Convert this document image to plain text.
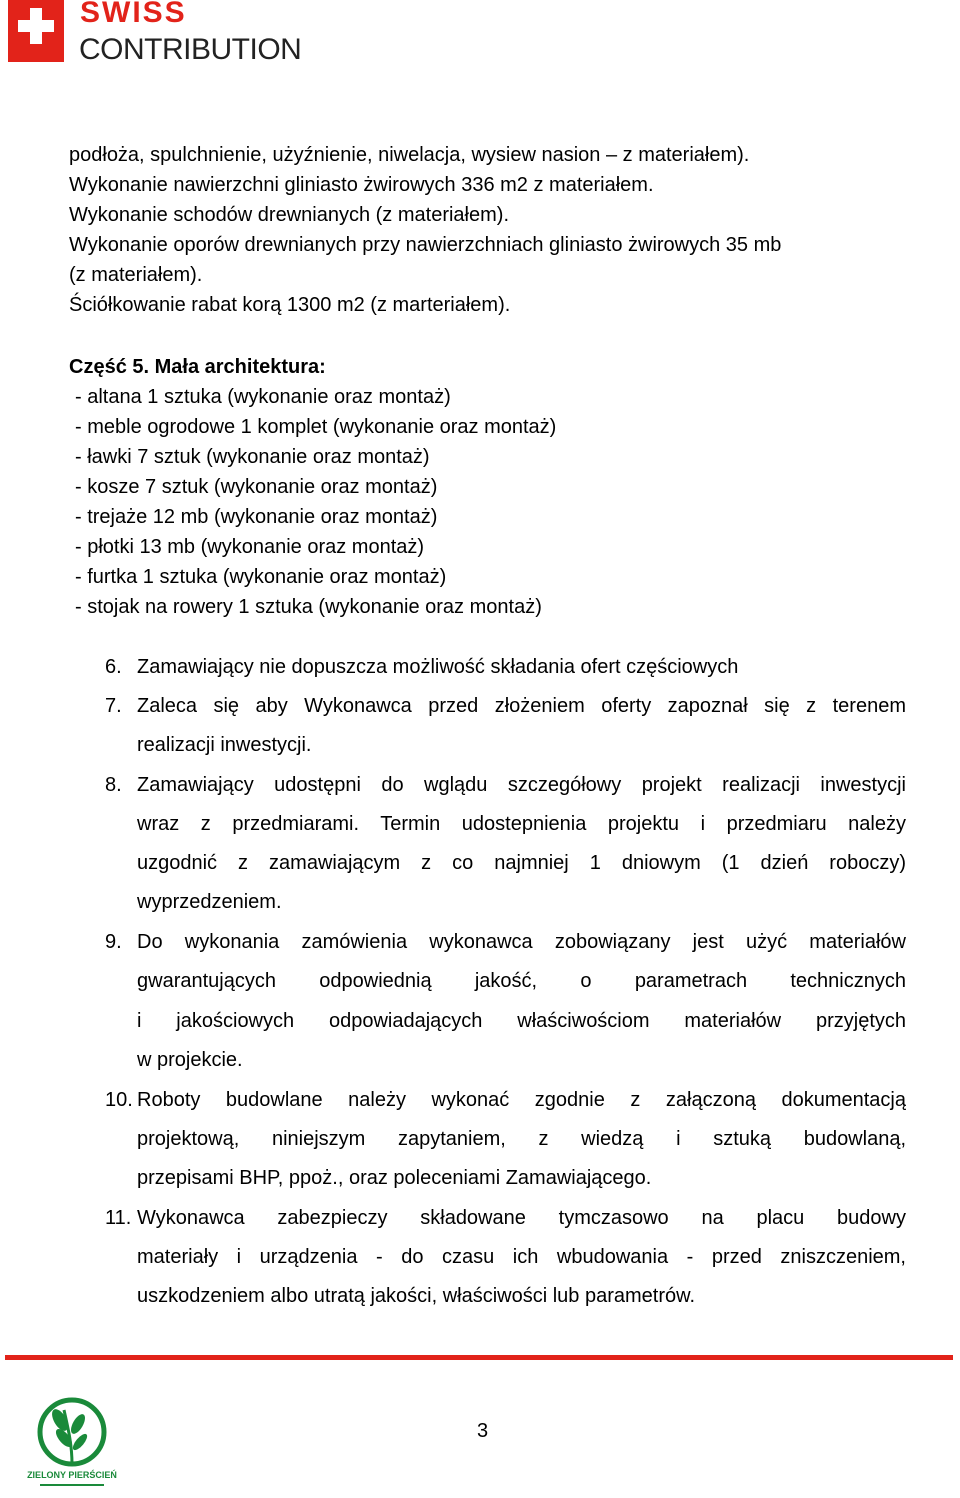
SWISS
CONTRIBUTION
podłoża, spulchnienie, użyźnienie, niwelacja, wysiew nasion – z materiałem).
Wykonanie nawierzchni gliniasto żwirowych 336 m2 z materiałem.
Wykonanie schodów drewnianych (z materiałem).
Wykonanie oporów drewnianych przy nawierzchniach gliniasto żwirowych 35 mb
(z materiałem).
Ściółkowanie rabat korą 1300 m2 (z marteriałem).
Część 5. Mała architektura:
- altana 1 sztuka (wykonanie oraz montaż)
- meble ogrodowe 1 komplet (wykonanie oraz montaż)
- ławki 7 sztuk (wykonanie oraz montaż)
- kosze 7 sztuk (wykonanie oraz montaż)
- trejaże 12 mb (wykonanie oraz montaż)
- płotki 13 mb (wykonanie oraz montaż)
- furtka 1 sztuka (wykonanie oraz montaż)
- stojak na rowery 1 sztuka (wykonanie oraz montaż)
6. Zamawiający nie dopuszcza możliwość składania ofert częściowych
7. Zaleca się aby Wykonawca przed złożeniem oferty zapoznał się z terenem
realizacji inwestycji.
8. Zamawiający udostępni do wglądu szczegółowy projekt realizacji inwestycji
wraz z przedmiarami. Termin udostepnienia projektu i przedmiaru należy
uzgodnić z zamawiającym z co najmniej 1 dniowym (1 dzień roboczy)
wyprzedzeniem.
9. Do wykonania zamówienia wykonawca zobowiązany jest użyć materiałów
gwarantujących odpowiednią jakość, o parametrach technicznych
i jakościowych odpowiadających właściwościom materiałów przyjętych
w projekcie.
10. Roboty budowlane należy wykonać zgodnie z załączoną dokumentacją
projektową, niniejszym zapytaniem, z wiedzą i sztuką budowlaną,
przepisami BHP, ppoż., oraz poleceniami Zamawiającego.
11. Wykonawca zabezpieczy składowane tymczasowo na placu budowy
materiały i urządzenia - do czasu ich wbudowania - przed zniszczeniem,
uszkodzeniem albo utratą jakości, właściwości lub parametrów.
ZIELONY PIERŚCIEŃ
3
